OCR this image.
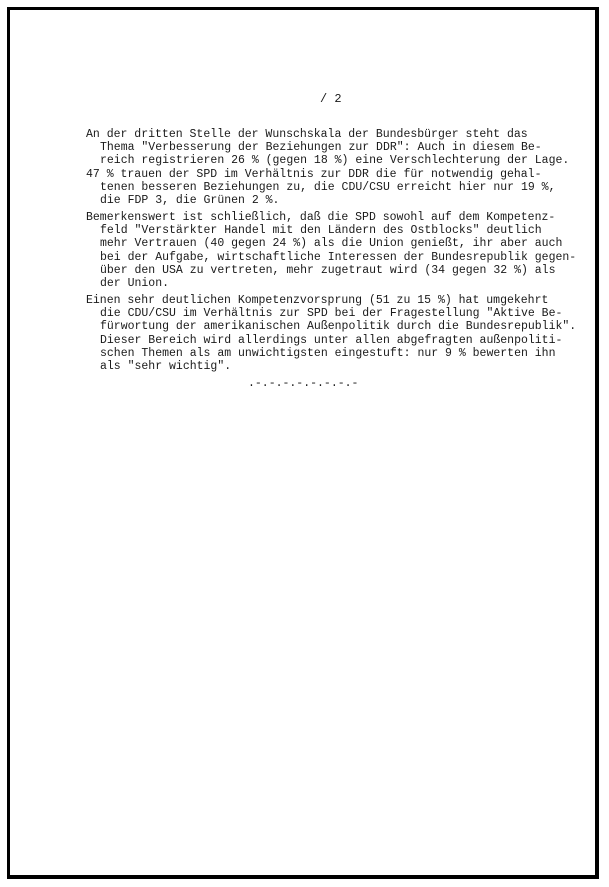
/ 2
An der dritten Stelle der Wunschskala der Bundesbürger steht das
Thema "Verbesserung der Beziehungen zur DDR": Auch in diesem Be-
reich registrieren 26 % (gegen 18 %) eine Verschlechterung der Lage.
47 % trauen der SPD im Verhältnis zur DDR die für notwendig gehal-
tenen besseren Beziehungen zu, die CDU/CSU erreicht hier nur 19 %,
die FDP 3, die Grünen 2 %.
Bemerkenswert ist schließlich, daß die SPD sowohl auf dem Kompetenz-
feld "Verstärkter Handel mit den Ländern des Ostblocks" deutlich
mehr Vertrauen (40 gegen 24 %) als die Union genießt, ihr aber auch
bei der Aufgabe, wirtschaftliche Interessen der Bundesrepublik gegen-
über den USA zu vertreten, mehr zugetraut wird (34 gegen 32 %) als
der Union.
Einen sehr deutlichen Kompetenzvorsprung (51 zu 15 %) hat umgekehrt
die CDU/CSU im Verhältnis zur SPD bei der Fragestellung "Aktive Be-
fürwortung der amerikanischen Außenpolitik durch die Bundesrepublik".
Dieser Bereich wird allerdings unter allen abgefragten außenpoliti-
schen Themen als am unwichtigsten eingestuft: nur 9 % bewerten ihn
als "sehr wichtig".
.-.-.-.-.-.-.-.-
